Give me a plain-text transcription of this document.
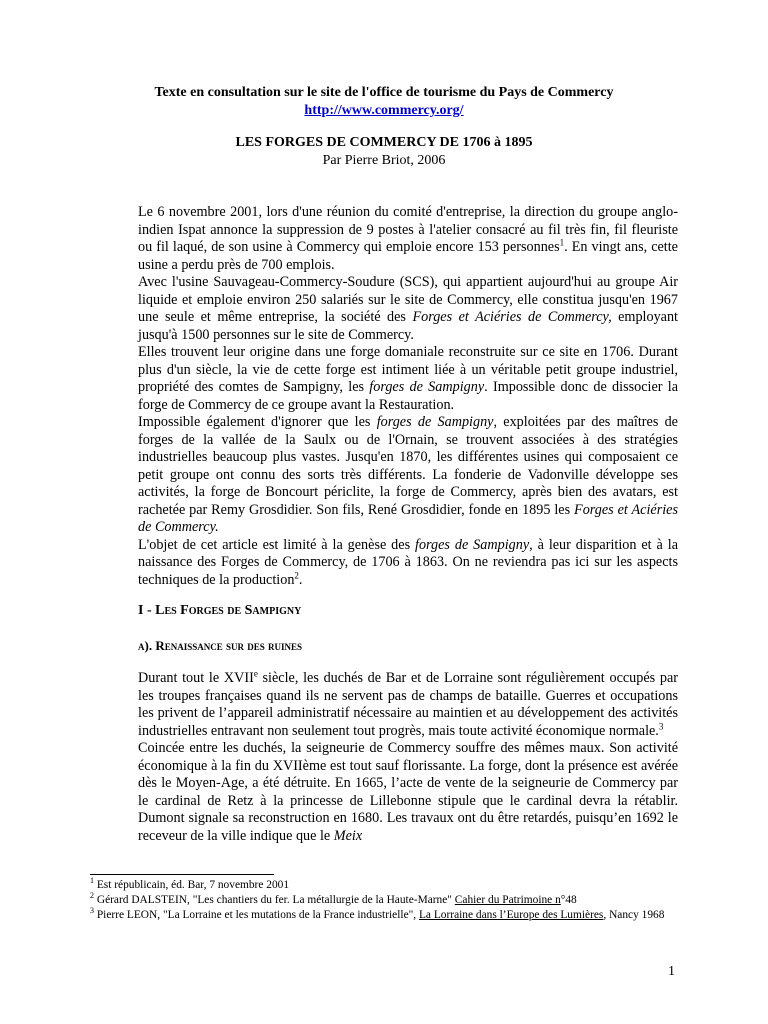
Texte en consultation sur le site de l'office de tourisme du Pays de Commercy
http://www.commercy.org/
LES FORGES DE COMMERCY DE 1706 à 1895
Par Pierre Briot, 2006

Le 6 novembre 2001, lors d'une réunion du comité d'entreprise, la direction du groupe anglo-indien Ispat annonce la suppression de 9 postes à l'atelier consacré au fil très fin, fil fleuriste ou fil laqué, de son usine à Commercy qui emploie encore 153 personnes$^1$. En vingt ans, cette usine a perdu près de 700 emplois.

Avec l'usine Sauvageau-Commercy-Soudure (SCS), qui appartient aujourd'hui au groupe Air liquide et emploie environ 250 salariés sur le site de Commercy, elle constitua jusqu'en 1967 une seule et même entreprise, la société des Forges et Aciéries de Commercy, employant jusqu'à 1500 personnes sur le site de Commercy.

Elles trouvent leur origine dans une forge domaniale reconstruite sur ce site en 1706. Durant plus d'un siècle, la vie de cette forge est intiment liée à un véritable petit groupe industriel, propriété des comtes de Sampigny, les forges de Sampigny. Impossible donc de dissocier la forge de Commercy de ce groupe avant la Restauration.

Impossible également d'ignorer que les forges de Sampigny, exploitées par des maîtres de forges de la vallée de la Saulx ou de l'Ornain, se trouvent associées à des stratégies industrielles beaucoup plus vastes. Jusqu'en 1870, les différentes usines qui composaient ce petit groupe ont connu des sorts très différents. La fonderie de Vadonville développe ses activités, la forge de Boncourt périclite, la forge de Commercy, après bien des avatars, est rachetée par Remy Grosdidier. Son fils, René Grosdidier, fonde en 1895 les Forges et Aciéries de Commercy.

L'objet de cet article est limité à la genèse des forges de Sampigny, à leur disparition et à la naissance des Forges de Commercy, de 1706 à 1863. On ne reviendra pas ici sur les aspects techniques de la production$^2$.

I - Les Forges de Sampigny
a). Renaissance sur des ruines

Durant tout le XVIIe siècle, les duchés de Bar et de Lorraine sont régulièrement occupés par les troupes françaises quand ils ne servent pas de champs de bataille. Guerres et occupations les privent de l’appareil administratif nécessaire au maintien et au développement des activités industrielles entravant non seulement tout progrès, mais toute activité économique normale.$^3$

Coincée entre les duchés, la seigneurie de Commercy souffre des mêmes maux. Son activité économique à la fin du XVIIème est tout sauf florissante. La forge, dont la présence est avérée dès le Moyen-Age, a été détruite. En 1665, l’acte de vente de la seigneurie de Commercy par le cardinal de Retz à la princesse de Lillebonne stipule que le cardinal devra la rétablir. Dumont signale sa reconstruction en 1680. Les travaux ont du être retardés, puisqu’en 1692 le receveur de la ville indique que le Meix

$^1$ Est républicain, éd. Bar, 7 novembre 2001

$^2$ Gérard DALSTEIN, "Les chantiers du fer. La métallurgie de la Haute-Marne" Cahier du Patrimoine n°48

$^3$ Pierre LEON, "La Lorraine et les mutations de la France industrielle", La Lorraine dans l’Europe des Lumières, Nancy 1968

1
